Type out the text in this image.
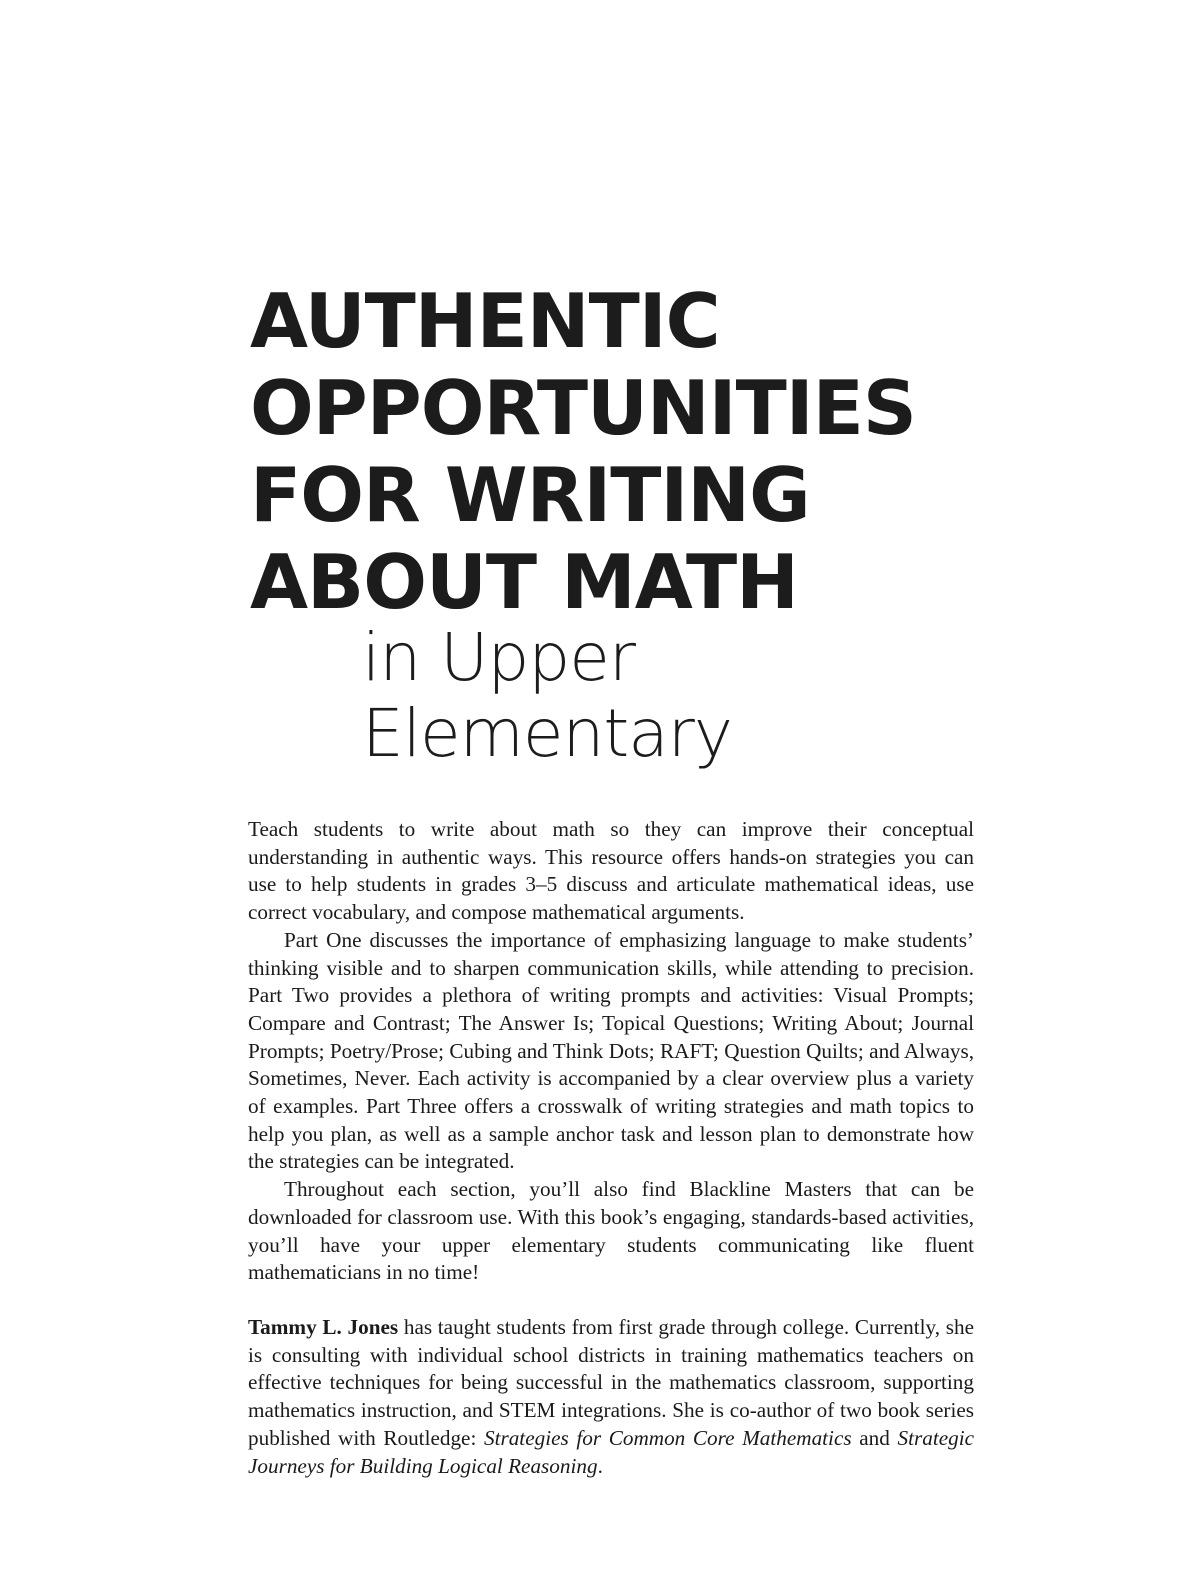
AUTHENTIC
OPPORTUNITIES
FOR WRITING
ABOUT MATH
in Upper
Elementary

Teach students to write about math so they can improve their conceptual understanding in authentic ways. This resource offers hands-on strategies you can use to help students in grades 3–5 discuss and articulate mathematical ideas, use correct vocabulary, and compose mathematical arguments.

Part One discusses the importance of emphasizing language to make students’ thinking visible and to sharpen communication skills, while attending to precision. Part Two provides a plethora of writing prompts and activities: Visual Prompts; Compare and Contrast; The Answer Is; Topical Questions; Writing About; Journal Prompts; Poetry/Prose; Cubing and Think Dots; RAFT; Question Quilts; and Always, Sometimes, Never. Each activity is accompanied by a clear overview plus a variety of examples. Part Three offers a crosswalk of writing strategies and math topics to help you plan, as well as a sample anchor task and lesson plan to demonstrate how the strategies can be integrated.

Throughout each section, you’ll also find Blackline Masters that can be downloaded for classroom use. With this book’s engaging, standards-based activities, you’ll have your upper elementary students communicating like fluent mathematicians in no time!

Tammy L. Jones has taught students from first grade through college. Currently, she is consulting with individual school districts in training mathematics teachers on effective techniques for being successful in the mathematics classroom, supporting mathematics instruction, and STEM integrations. She is co-author of two book series published with Routledge: Strategies for Common Core Mathematics and Strategic Journeys for Building Logical Reasoning.
